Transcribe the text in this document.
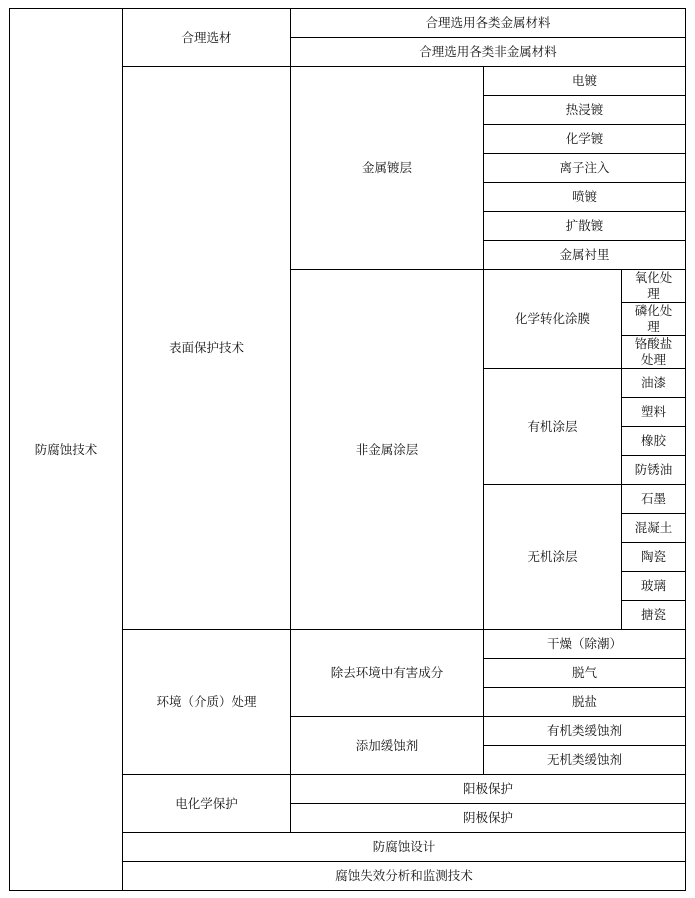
防腐蚀技术
合理选材
合理选用各类金属材料
合理选用各类非金属材料
表面保护技术
金属镀层
电镀
热浸镀
化学镀
离子注入
喷镀
扩散镀
金属衬里
非金属涂层
化学转化涂膜
氧化处理
磷化处理
铬酸盐处理
有机涂层
油漆
塑料
橡胶
防锈油
无机涂层
石墨
混凝土
陶瓷
玻璃
搪瓷
环境（介质）处理
除去环境中有害成分
干燥（除潮）
脱气
脱盐
添加缓蚀剂
有机类缓蚀剂
无机类缓蚀剂
电化学保护
阳极保护
阴极保护
防腐蚀设计
腐蚀失效分析和监测技术
